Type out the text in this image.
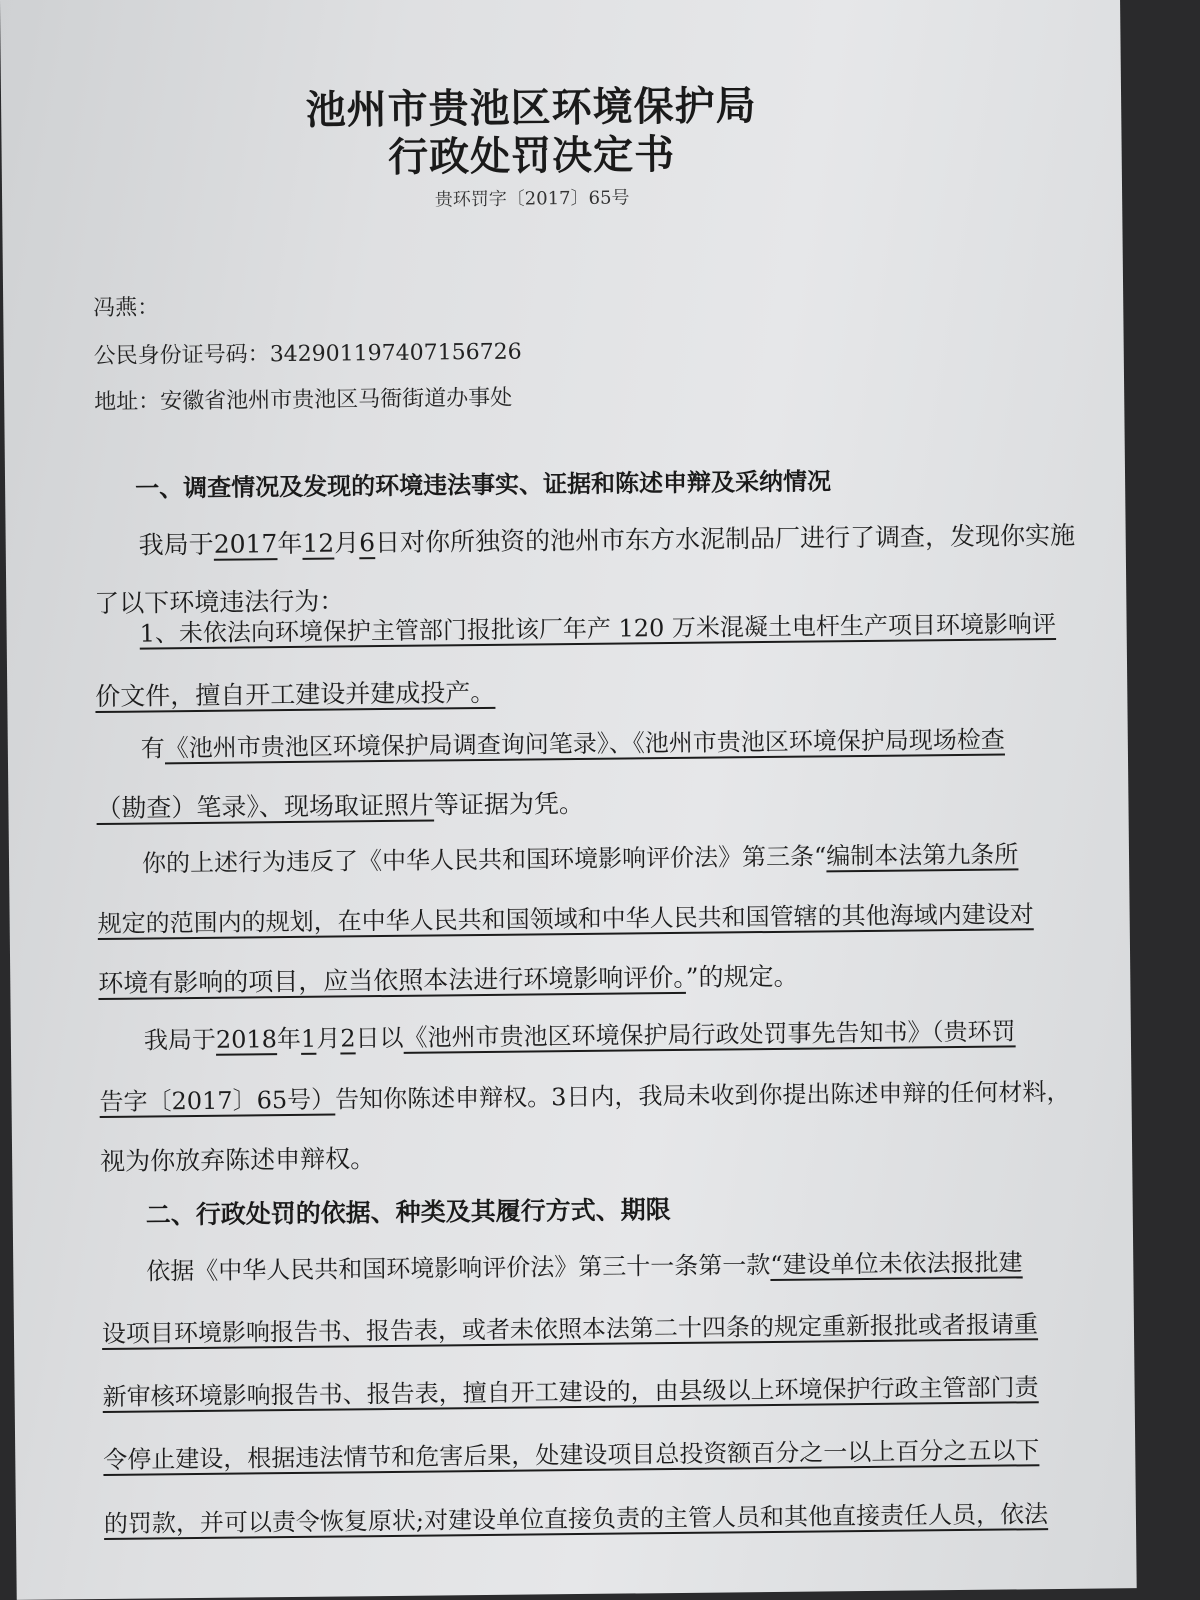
池州市贵池区环境保护局
行政处罚决定书
贵环罚字〔2017〕65号
冯燕：
公民身份证号码：342901197407156726
地址：安徽省池州市贵池区马衙街道办事处
一、调查情况及发现的环境违法事实、证据和陈述申辩及采纳情况
我局于2017年12月6日对你所独资的池州市东方水泥制品厂进行了调查，发现你实施
了以下环境违法行为：
1、未依法向环境保护主管部门报批该厂年产 120 万米混凝土电杆生产项目环境影响评
价文件，擅自开工建设并建成投产。
有《池州市贵池区环境保护局调查询问笔录》、《池州市贵池区环境保护局现场检查
（勘查）笔录》、现场取证照片等证据为凭。
你的上述行为违反了《中华人民共和国环境影响评价法》第三条“编制本法第九条所
规定的范围内的规划，在中华人民共和国领域和中华人民共和国管辖的其他海域内建设对
环境有影响的项目，应当依照本法进行环境影响评价。”的规定。
我局于2018年1月2日以《池州市贵池区环境保护局行政处罚事先告知书》（贵环罚
告字〔2017〕65号）告知你陈述申辩权。3日内，我局未收到你提出陈述申辩的任何材料，
视为你放弃陈述申辩权。
二、行政处罚的依据、种类及其履行方式、期限
依据《中华人民共和国环境影响评价法》第三十一条第一款“建设单位未依法报批建
设项目环境影响报告书、报告表，或者未依照本法第二十四条的规定重新报批或者报请重
新审核环境影响报告书、报告表，擅自开工建设的，由县级以上环境保护行政主管部门责
令停止建设，根据违法情节和危害后果，处建设项目总投资额百分之一以上百分之五以下
的罚款，并可以责令恢复原状;对建设单位直接负责的主管人员和其他直接责任人员，依法
